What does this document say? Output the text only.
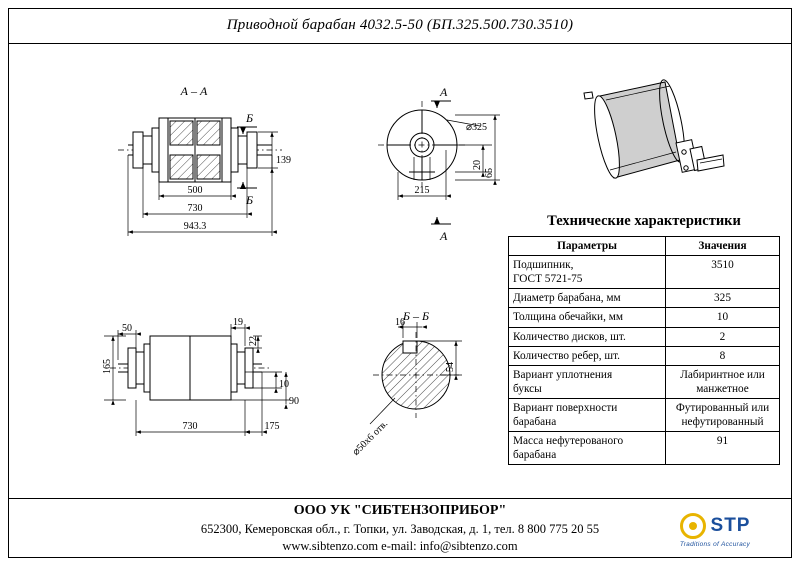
Приводной барабан 4032.5-50 (БП.325.500.730.3510)
А – А
Б
Б
139
500
730
943.3
А
А
⌀325
215
20
65
50
165
19
22
10
90
730	175
Б – Б
16
54
⌀50x6 отв.
Технические характеристики
Параметры	Значения
Подшипник,
ГОСТ 5721-75	3510
Диаметр барабана, мм	325
Толщина обечайки, мм	10
Количество дисков, шт.	2
Количество ребер, шт.	8
Вариант уплотнения
буксы	Лабиринтное или
манжетное
Вариант поверхности
барабана	Футированный или
нефутированный
Масса нефутерованого
барабана	91
ООО УК "СИБТЕНЗОПРИБОР"
652300, Кемеровская обл., г. Топки, ул. Заводская, д. 1, тел. 8 800 775 20 55
www.sibtenzo.com e-mail: info@sibtenzo.com
STP
Traditions of Accuracy
